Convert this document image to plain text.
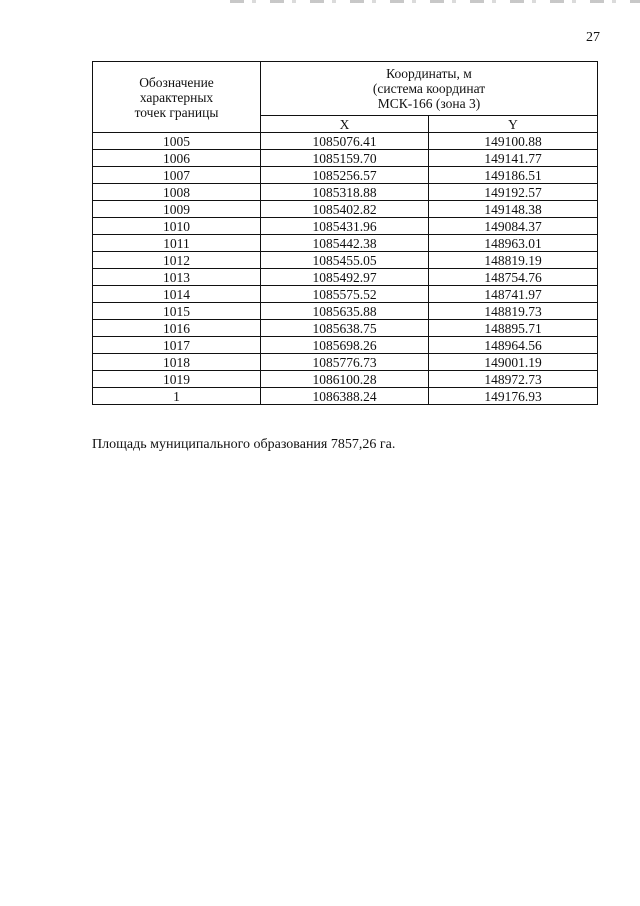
27
Обозначение
характерных
точек границы	Координаты, м
(система координат
МСК-166 (зона 3)	

	X	Y
1005	1085076.41	149100.88
1006	1085159.70	149141.77
1007	1085256.57	149186.51
1008	1085318.88	149192.57
1009	1085402.82	149148.38
1010	1085431.96	149084.37
1011	1085442.38	148963.01
1012	1085455.05	148819.19
1013	1085492.97	148754.76
1014	1085575.52	148741.97
1015	1085635.88	148819.73
1016	1085638.75	148895.71
1017	1085698.26	148964.56
1018	1085776.73	149001.19
1019	1086100.28	148972.73
1	1086388.24	149176.93
Площадь муниципального образования 7857,26 га.
